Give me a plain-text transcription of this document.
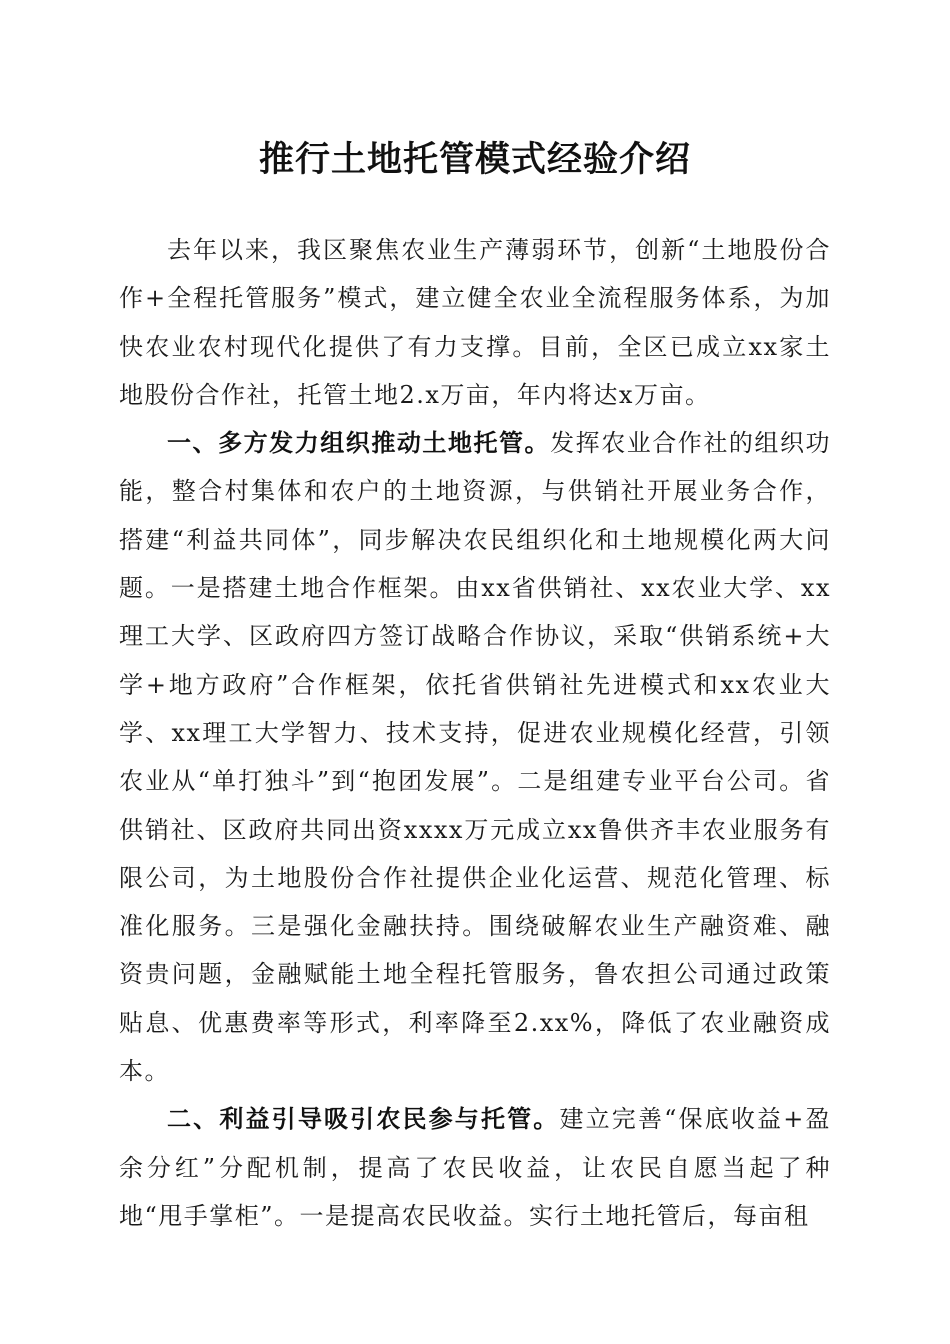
推行土地托管模式经验介绍

去年以来，我区聚焦农业生产薄弱环节，创新“土地股份合作+全程托管服务”模式，建立健全农业全流程服务体系，为加快农业农村现代化提供了有力支撑。目前，全区已成立xx家土地股份合作社，托管土地2.x万亩，年内将达x万亩。

一、多方发力组织推动土地托管。发挥农业合作社的组织功能，整合村集体和农户的土地资源，与供销社开展业务合作，搭建“利益共同体”，同步解决农民组织化和土地规模化两大问题。一是搭建土地合作框架。由xx省供销社、xx农业大学、xx理工大学、区政府四方签订战略合作协议，采取“供销系统+大学+地方政府”合作框架，依托省供销社先进模式和xx农业大学、xx理工大学智力、技术支持，促进农业规模化经营，引领农业从“单打独斗”到“抱团发展”。二是组建专业平台公司。省供销社、区政府共同出资xxxx万元成立xx鲁供齐丰农业服务有限公司，为土地股份合作社提供企业化运营、规范化管理、标准化服务。三是强化金融扶持。围绕破解农业生产融资难、融资贵问题，金融赋能土地全程托管服务，鲁农担公司通过政策贴息、优惠费率等形式，利率降至2.xx%，降低了农业融资成本。

二、利益引导吸引农民参与托管。建立完善“保底收益+盈余分红”分配机制，提高了农民收益，让农民自愿当起了种地“甩手掌柜”。一是提高农民收益。实行土地托管后，每亩租
